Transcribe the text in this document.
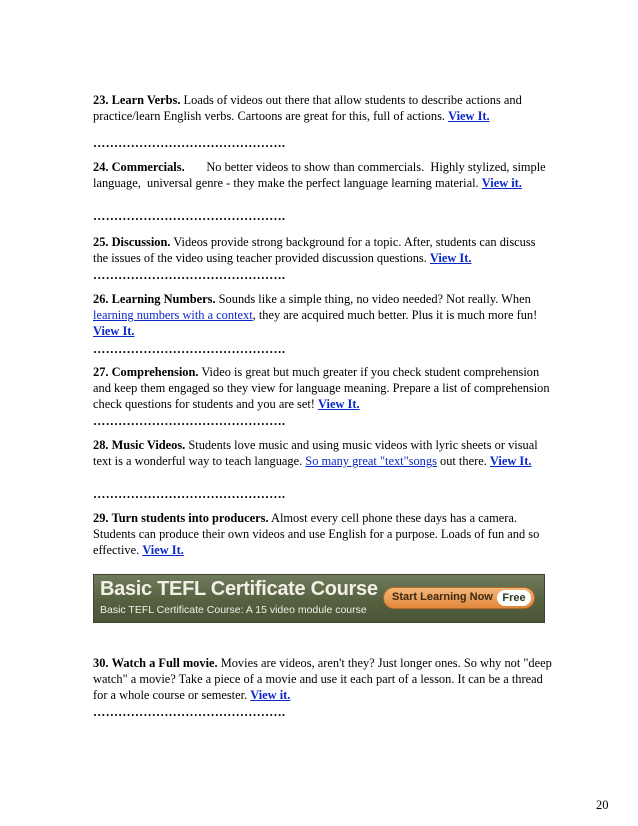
23. Learn Verbs. Loads of videos out there that allow students to describe actions and practice/learn English verbs. Cartoons are great for this, full of actions. View It.
……………………………………….
24. Commercials.       No better videos to show than commercials.  Highly stylized, simple language,  universal genre - they make the perfect language learning material. View it.
……………………………………….
25. Discussion. Videos provide strong background for a topic. After, students can discuss the issues of the video using teacher provided discussion questions. View It.
……………………………………….
26. Learning Numbers. Sounds like a simple thing, no video needed? Not really. When learning numbers with a context, they are acquired much better. Plus it is much more fun! View It.
……………………………………….
27. Comprehension. Video is great but much greater if you check student comprehension and keep them engaged so they view for language meaning. Prepare a list of comprehension check questions for students and you are set! View It.
……………………………………….
28. Music Videos. Students love music and using music videos with lyric sheets or visual text is a wonderful way to teach language. So many great "text"songs out there. View It.
……………………………………….
29. Turn students into producers. Almost every cell phone these days has a camera. Students can produce their own videos and use English for a purpose. Loads of fun and so effective. View It.
Basic TEFL Certificate Course
Basic TEFL Certificate Course: A 15 video module course
Start Learning Now Free
30. Watch a Full movie. Movies are videos, aren't they? Just longer ones. So why not "deep watch" a movie? Take a piece of a movie and use it each part of a lesson. It can be a thread for a whole course or semester. View it.
……………………………………….
20
